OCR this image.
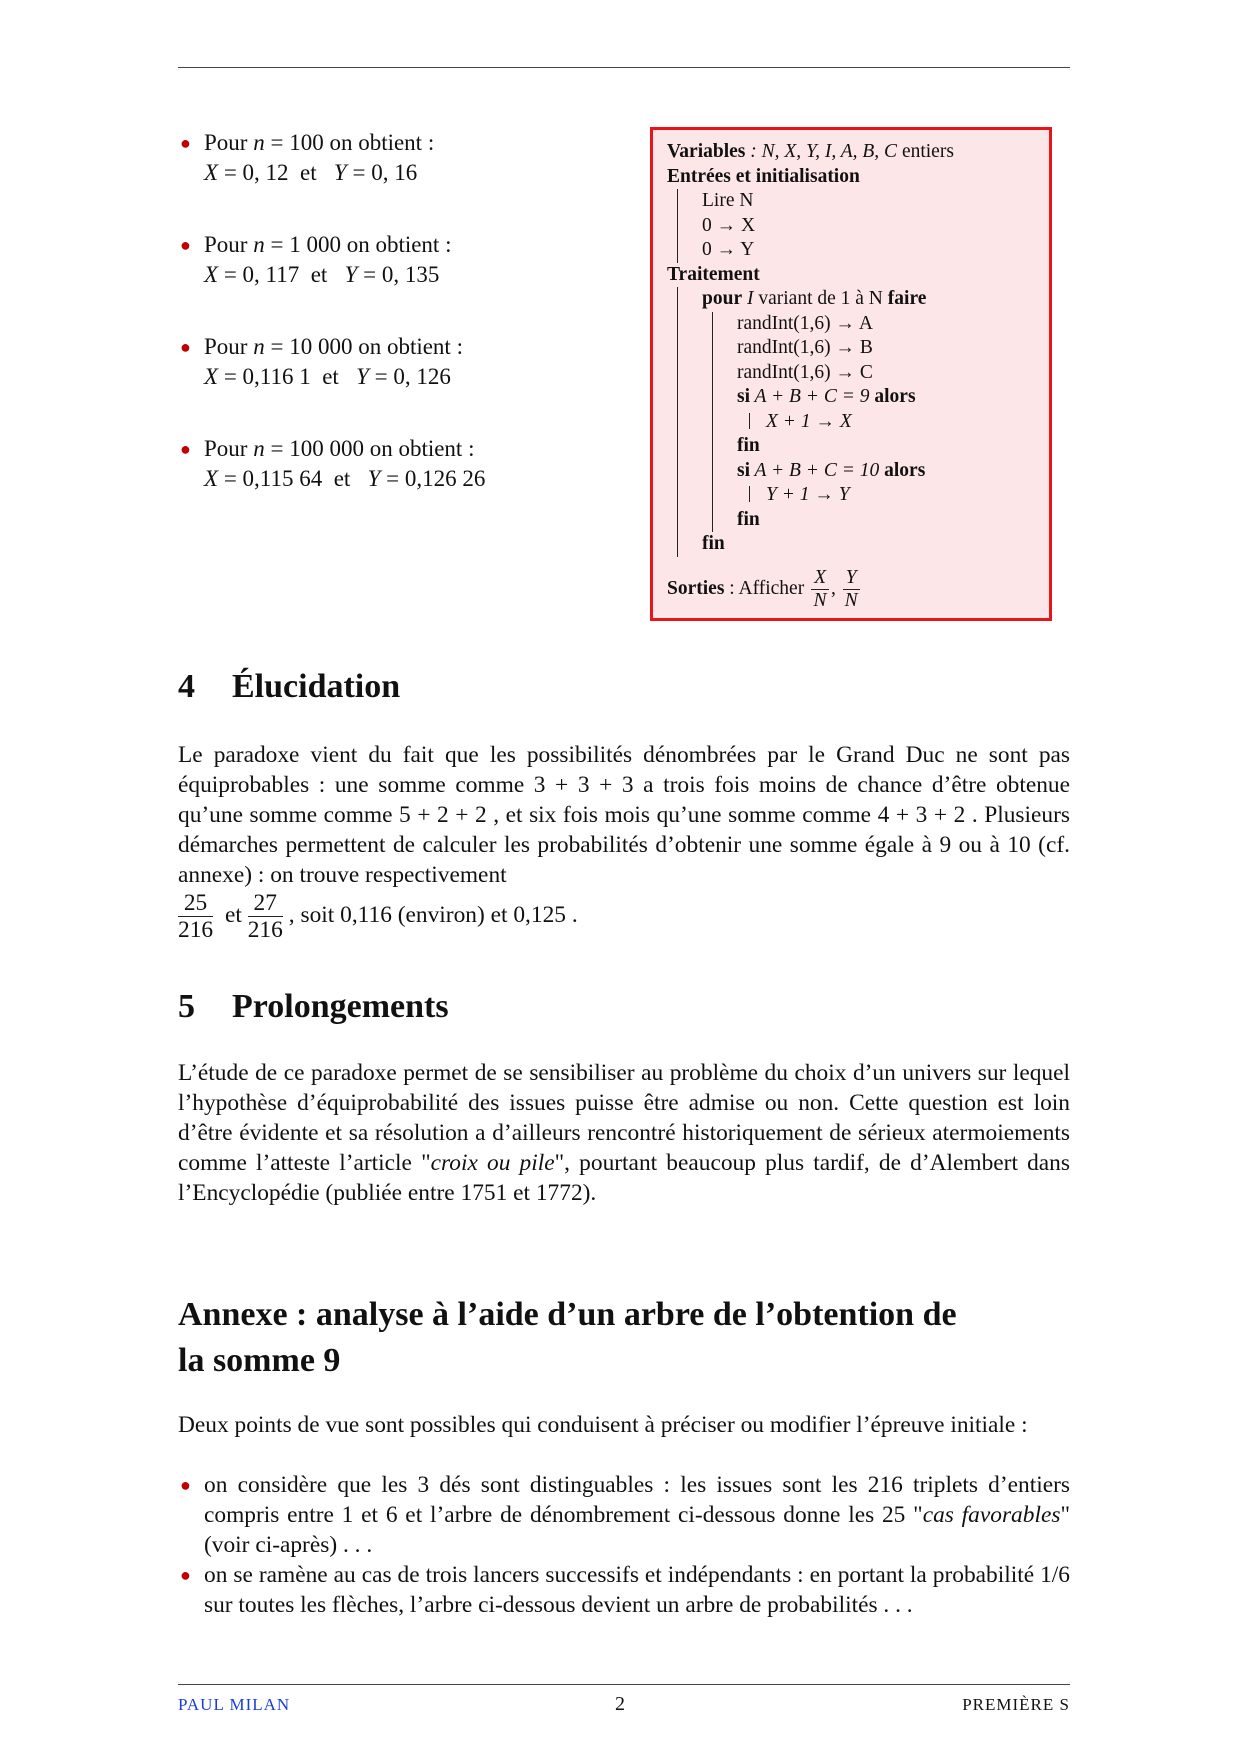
● Pour n = 100 on obtient :
X = 0, 12 et Y = 0, 16
● Pour n = 1 000 on obtient :
X = 0, 117 et Y = 0, 135
● Pour n = 10 000 on obtient :
X = 0,116 1 et Y = 0, 126
● Pour n = 100 000 on obtient :
X = 0,115 64 et Y = 0,126 26
Variables : N, X, Y, I, A, B, C entiers
Entrées et initialisation
Lire N
0 → X
0 → Y
Traitement
pour I variant de 1 à N faire
randInt(1,6) → A
randInt(1,6) → B
randInt(1,6) → C
si A + B + C = 9 alors
X + 1 → X
fin
si A + B + C = 10 alors
Y + 1 → Y
fin
fin
Sorties : Afficher $\frac{X}{N}$ , $\frac{Y}{N}$
4 Élucidation

Le paradoxe vient du fait que les possibilités dénombrées par le Grand Duc ne sont pas équiprobables : une somme comme 3 + 3 + 3 a trois fois moins de chance d’être obtenue qu’une somme comme 5 + 2 + 2 , et six fois mois qu’une somme comme 4 + 3 + 2 . Plusieurs démarches permettent de calculer les probabilités d’obtenir une somme égale à 9 ou à 10 (cf. annexe) : on trouve respectivement

$\frac{25}{216}$ et $\frac{27}{216}$ , soit 0,116 (environ) et 0,125 .

5 Prolongements

L’étude de ce paradoxe permet de se sensibiliser au problème du choix d’un univers sur lequel l’hypothèse d’équiprobabilité des issues puisse être admise ou non. Cette question est loin d’être évidente et sa résolution a d’ailleurs rencontré historiquement de sérieux atermoiements comme l’atteste l’article "croix ou pile", pourtant beaucoup plus tardif, de d’Alembert dans l’Encyclopédie (publiée entre 1751 et 1772).

Annexe : analyse à l’aide d’un arbre de l’obtention de
la somme 9

Deux points de vue sont possibles qui conduisent à préciser ou modifier l’épreuve initiale :

● on considère que les 3 dés sont distinguables : les issues sont les 216 triplets d’entiers compris entre 1 et 6 et l’arbre de dénombrement ci-dessous donne les 25 "cas favorables" (voir ci-après) . . .
● on se ramène au cas de trois lancers successifs et indépendants : en portant la probabilité 1/6 sur toutes les flèches, l’arbre ci-dessous devient un arbre de probabilités . . .
PAUL MILAN	2	PREMIÈRE S
